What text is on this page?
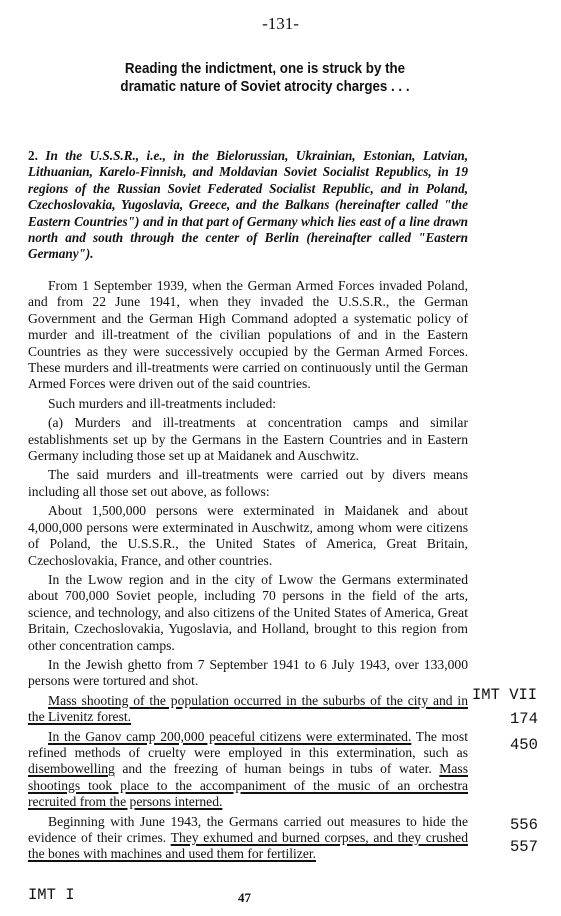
-131-
Reading the indictment, one is struck by the
dramatic nature of Soviet atrocity charges . . .
2. In the U.S.S.R., i.e., in the Bielorussian, Ukrainian, Estonian, Latvian, Lithuanian, Karelo-Finnish, and Moldavian Soviet Socialist Republics, in 19 regions of the Russian Soviet Federated Socialist Republic, and in Poland, Czechoslovakia, Yugoslavia, Greece, and the Balkans (hereinafter called "the Eastern Countries") and in that part of Germany which lies east of a line drawn north and south through the center of Berlin (hereinafter called "Eastern Germany").

From 1 September 1939, when the German Armed Forces invaded Poland, and from 22 June 1941, when they invaded the U.S.S.R., the German Government and the German High Command adopted a systematic policy of murder and ill-treatment of the civilian populations of and in the Eastern Countries as they were successively occupied by the German Armed Forces. These murders and ill-treatments were carried on continuously until the German Armed Forces were driven out of the said countries.

Such murders and ill-treatments included:

(a) Murders and ill-treatments at concentration camps and similar establishments set up by the Germans in the Eastern Countries and in Eastern Germany including those set up at Maidanek and Auschwitz.

The said murders and ill-treatments were carried out by divers means including all those set out above, as follows:

About 1,500,000 persons were exterminated in Maidanek and about 4,000,000 persons were exterminated in Auschwitz, among whom were citizens of Poland, the U.S.S.R., the United States of America, Great Britain, Czechoslovakia, France, and other countries.

In the Lwow region and in the city of Lwow the Germans exterminated about 700,000 Soviet people, including 70 persons in the field of the arts, science, and technology, and also citizens of the United States of America, Great Britain, Czechoslovakia, Yugoslavia, and Holland, brought to this region from other concentration camps.

In the Jewish ghetto from 7 September 1941 to 6 July 1943, over 133,000 persons were tortured and shot.

Mass shooting of the population occurred in the suburbs of the city and in the Livenitz forest.

In the Ganov camp 200,000 peaceful citizens were exterminated. The most refined methods of cruelty were employed in this extermination, such as disembowelling and the freezing of human beings in tubs of water. Mass shootings took place to the accompaniment of the music of an orchestra recruited from the persons interned.

Beginning with June 1943, the Germans carried out measures to hide the evidence of their crimes. They exhumed and burned corpses, and they crushed the bones with machines and used them for fertilizer.

IMT VII
174
450
556
557
IMT I	47
